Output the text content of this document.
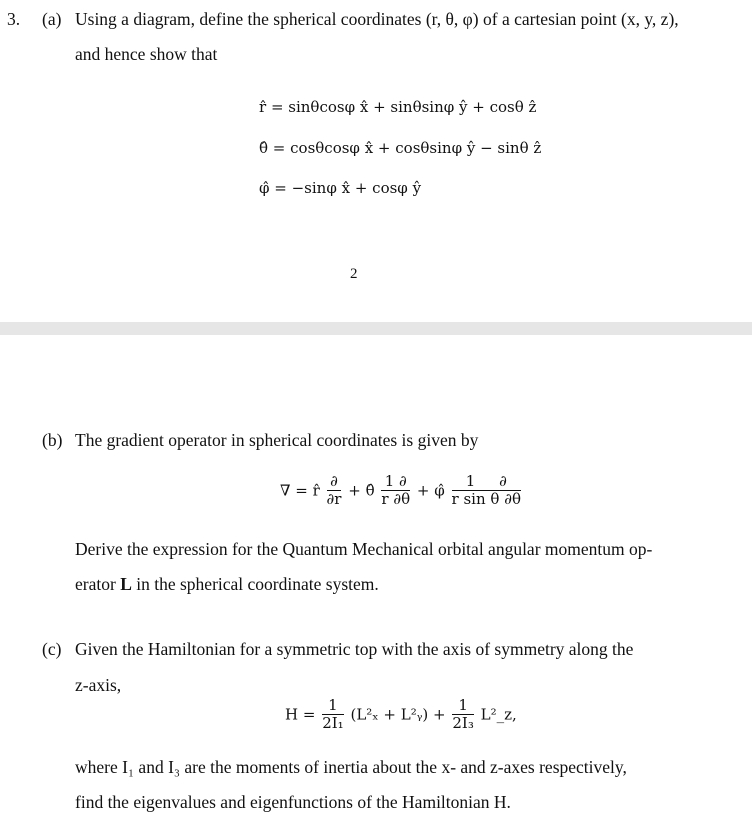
3. (a) Using a diagram, define the spherical coordinates (r, θ, φ) of a cartesian point (x, y, z),
and hence show that
r̂ = sinθcosφ x̂ + sinθsinφ ŷ + cosθ ẑ
θ̂ = cosθcosφ x̂ + cosθsinφ ŷ − sinθ ẑ
φ̂ = −sinφ x̂ + cosφ ŷ
2
(b) The gradient operator in spherical coordinates is given by
∇ = r̂ $\frac{\partial}{\partial r}$ + θ̂ $\frac{1 \partial}{r \partial\theta}$ + φ̂ $\frac{1 \partial}{\text{r sin θ ∂θ}}$
Derive the expression for the Quantum Mechanical orbital angular momentum op-
erator L in the spherical coordinate system.
(c) Given the Hamiltonian for a symmetric top with the axis of symmetry along the
z-axis,
$H = \frac{1}{\text{2I₁}} (L^2_x$ + L²ᵧ) + $\frac{1}{\text{2I₃}}$ L²_z,
where I₁ and I₃ are the moments of inertia about the x- and z-axes respectively,
find the eigenvalues and eigenfunctions of the Hamiltonian H.
